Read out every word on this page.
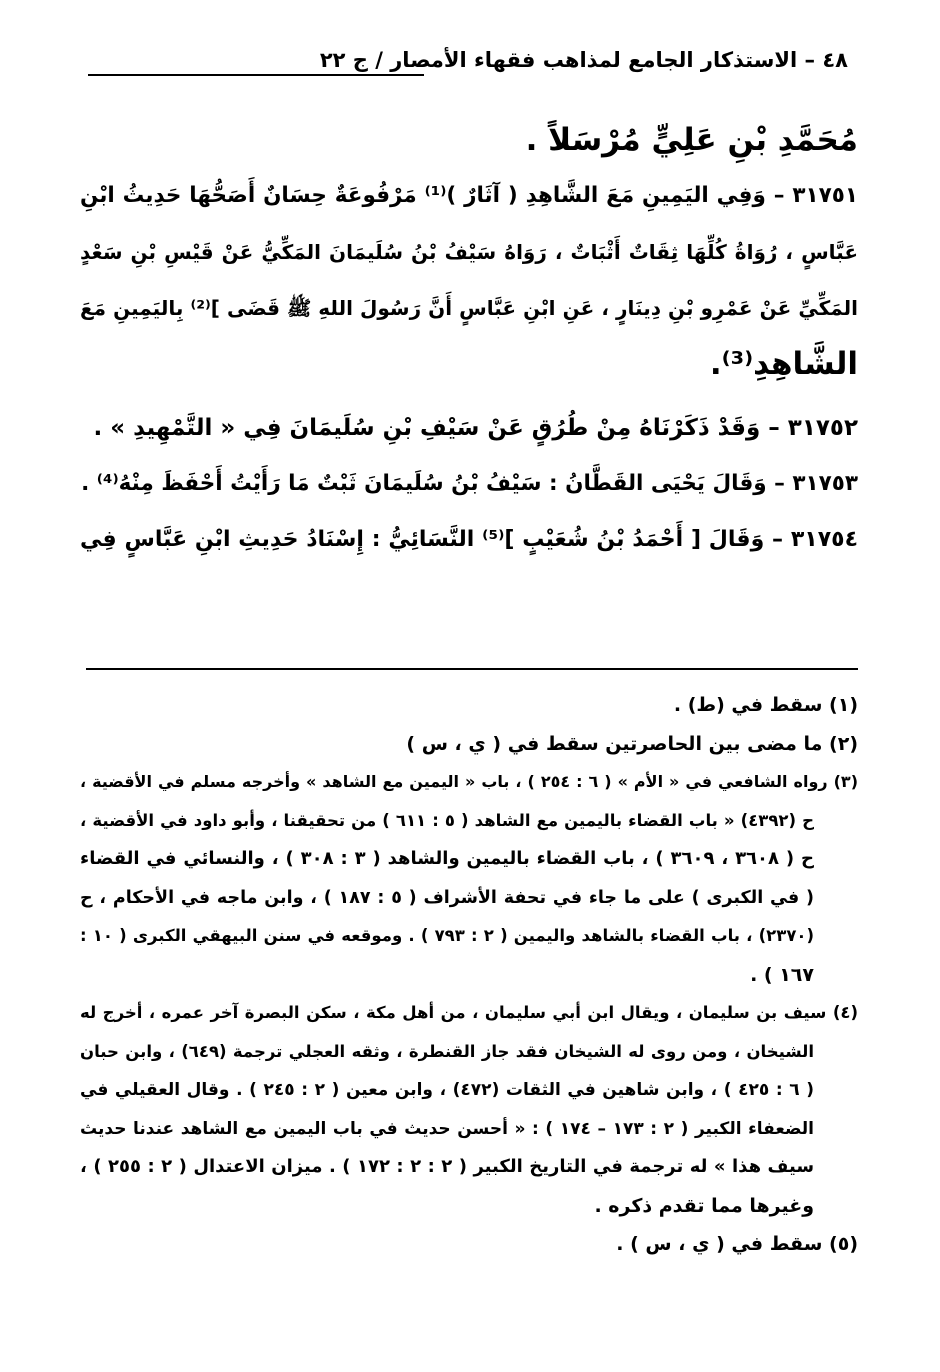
٤٨ – الاستذكار الجامع لمذاهب فقهاء الأمصار / ج ٢٢
مُحَمَّدِ بْنِ عَلِيٍّ مُرْسَلاً .
٣١٧٥١ – وَفِي اليَمِينِ مَعَ الشَّاهِدِ ( آثَارٌ )⁽¹⁾ مَرْفُوعَةٌ حِسَانٌ أَصَحُّهَا حَدِيثُ ابْنِ
عَبَّاسٍ ، رُوَاةُ كُلِّهَا ثِقَاتٌ أَثْبَاتٌ ، رَوَاهُ سَيْفُ بْنُ سُلَيمَانَ المَكِّيُّ عَنْ قَيْسِ بْنِ سَعْدٍ
المَكِّيِّ عَنْ عَمْرِو بْنِ دِينَارٍ ، عَنِ ابْنِ عَبَّاسٍ أَنَّ رَسُولَ اللهِ ﷺ قَضَى ]⁽²⁾ بِاليَمِينِ مَعَ
الشَّاهِدِ⁽³⁾.
٣١٧٥٢ – وَقَدْ ذَكَرْنَاهُ مِنْ طُرُقٍ عَنْ سَيْفِ بْنِ سُلَيمَانَ فِي « التَّمْهِيدِ » .
٣١٧٥٣ – وَقَالَ يَحْيَى القَطَّانُ : سَيْفُ بْنُ سُلَيمَانَ ثَبْتٌ مَا رَأَيْتُ أَحْفَظَ مِنْهُ⁽⁴⁾ .
٣١٧٥٤ – وَقَالَ [ أَحْمَدُ بْنُ شُعَيْبٍ ]⁽⁵⁾ النَّسَائِيُّ : إِسْنَادُ حَدِيثِ ابْنِ عَبَّاسٍ فِي
(١) سقط في (ط) .
(٢) ما مضى بين الحاصرتين سقط في ( ي ، س )
(٣) رواه الشافعي في « الأم » ( ٦ : ٢٥٤ ) ، باب « اليمين مع الشاهد » وأخرجه مسلم في الأقضية ،
ح (٤٣٩٢) « باب القضاء باليمين مع الشاهد ( ٥ : ٦١١ ) من تحقيقنا ، وأبو داود في الأقضية ،
ح ( ٣٦٠٨ ، ٣٦٠٩ ) ، باب القضاء باليمين والشاهد ( ٣ : ٣٠٨ ) ، والنسائي في القضاء
( في الكبرى ) على ما جاء في تحفة الأشراف ( ٥ : ١٨٧ ) ، وابن ماجه في الأحكام ، ح
(٢٣٧٠) ، باب القضاء بالشاهد واليمين ( ٢ : ٧٩٣ ) . وموقعه في سنن البيهقي الكبرى ( ١٠ :
١٦٧ ) .
(٤) سيف بن سليمان ، ويقال ابن أبي سليمان ، من أهل مكة ، سكن البصرة آخر عمره ، أخرج له
الشيخان ، ومن روى له الشيخان فقد جاز القنطرة ، وثقه العجلي ترجمة (٦٤٩) ، وابن حبان
( ٦ : ٤٢٥ ) ، وابن شاهين في الثقات (٤٧٢) ، وابن معين ( ٢ : ٢٤٥ ) . وقال العقيلي في
الضعفاء الكبير ( ٢ : ١٧٣ – ١٧٤ ) : « أحسن حديث في باب اليمين مع الشاهد عندنا حديث
سيف هذا » له ترجمة في التاريخ الكبير ( ٢ : ٢ : ١٧٢ ) . ميزان الاعتدال ( ٢ : ٢٥٥ ) ،
وغيرها مما تقدم ذكره .
(٥) سقط في ( ي ، س ) .
